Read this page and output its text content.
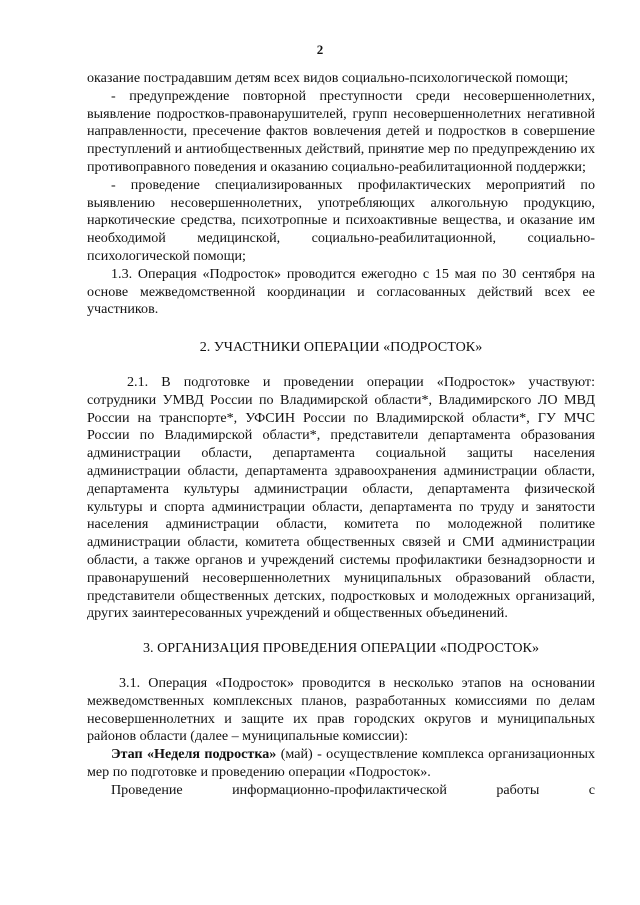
2

оказание пострадавшим детям всех видов социально-психологической помощи;

- предупреждение повторной преступности среди несовершеннолетних, выявление подростков-правонарушителей, групп несовершеннолетних негативной направленности, пресечение фактов вовлечения детей и подростков в совершение преступлений и антиобщественных действий, принятие мер по предупреждению их противоправного поведения и оказанию социально-реабилитационной поддержки;

- проведение специализированных профилактических мероприятий по выявлению несовершеннолетних, употребляющих алкогольную продукцию, наркотические средства, психотропные и психоактивные вещества, и оказание им необходимой медицинской, социально-реабилитационной, социально-психологической помощи;

1.3. Операция «Подросток» проводится ежегодно с 15 мая по 30 сентября на основе межведомственной координации и согласованных действий всех ее участников.

2. УЧАСТНИКИ ОПЕРАЦИИ «ПОДРОСТОК»

2.1. В подготовке и проведении операции «Подросток» участвуют: сотрудники УМВД России по Владимирской области*, Владимирского ЛО МВД России на транспорте*, УФСИН России по Владимирской области*, ГУ МЧС России по Владимирской области*, представители департамента образования администрации области, департамента социальной защиты населения администрации области, департамента здравоохранения администрации области, департамента культуры администрации области, департамента физической культуры и спорта администрации области, департамента по труду и занятости населения администрации области, комитета по молодежной политике администрации области, комитета общественных связей и СМИ администрации области, а также органов и учреждений системы профилактики безнадзорности и правонарушений несовершеннолетних муниципальных образований области, представители общественных детских, подростковых и молодежных организаций, других заинтересованных учреждений и общественных объединений.

3. ОРГАНИЗАЦИЯ ПРОВЕДЕНИЯ ОПЕРАЦИИ «ПОДРОСТОК»

3.1. Операция «Подросток» проводится в несколько этапов на основании межведомственных комплексных планов, разработанных комиссиями по делам несовершеннолетних и защите их прав городских округов и муниципальных районов области (далее – муниципальные комиссии):

Этап «Неделя подростка» (май) - осуществление комплекса организационных мер по подготовке и проведению операции «Подросток».

Проведение информационно-профилактической работы с
